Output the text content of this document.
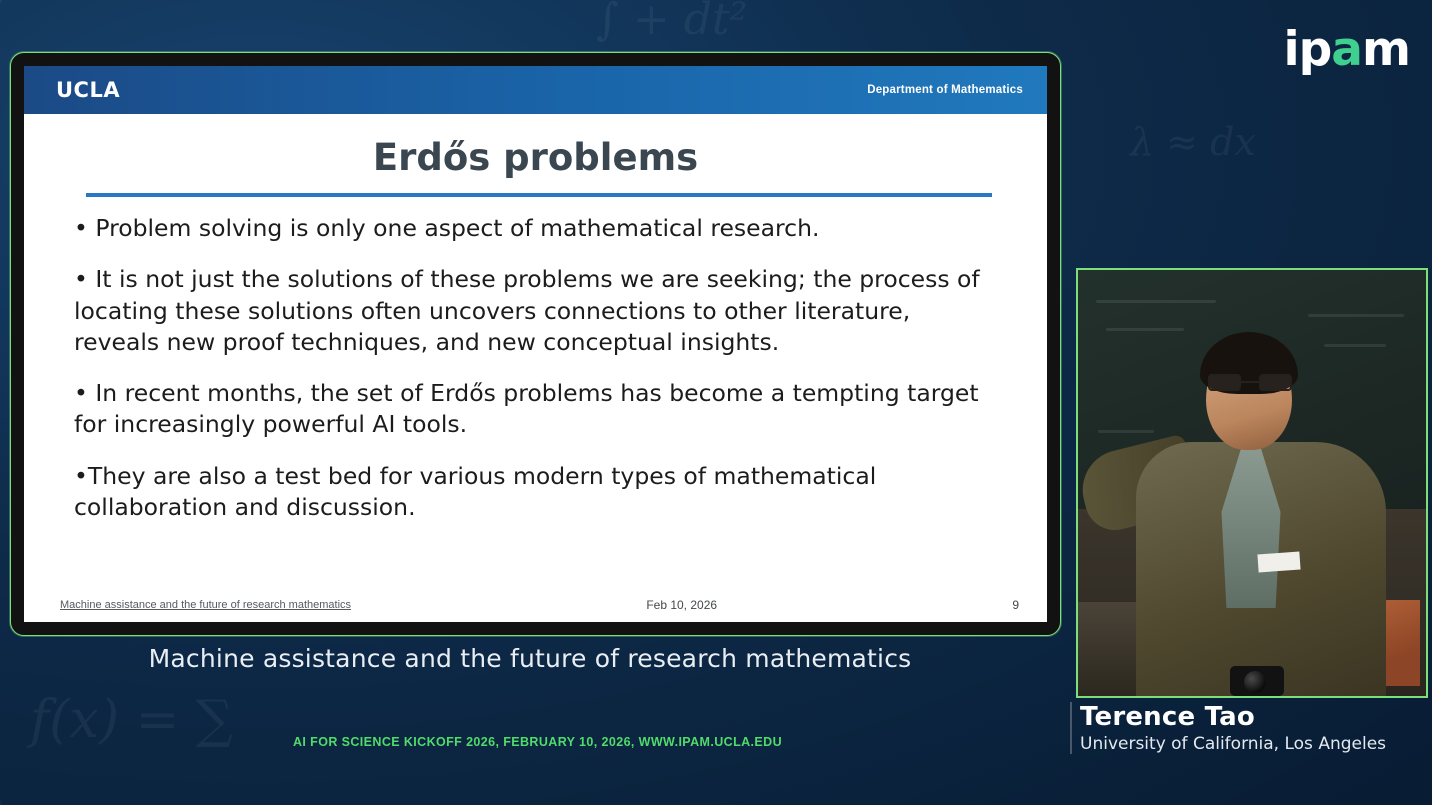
∫ + dt²
f(x) = ∑
λ ≈ dx
i p a m
UCLA	Department of Mathematics
Erdős problems

• Problem solving is only one aspect of mathematical research.

• It is not just the solutions of these problems we are seeking; the process of locating these solutions often uncovers connections to other literature, reveals new proof techniques, and new conceptual insights.

• In recent months, the set of Erdős problems has become a tempting target for increasingly powerful AI tools.

•They are also a test bed for various modern types of mathematical collaboration and discussion.

Machine assistance and the future of research mathematics	Feb 10, 2026	9
Machine assistance and the future of research mathematics
AI FOR SCIENCE KICKOFF 2026, FEBRUARY 10, 2026, WWW.IPAM.UCLA.EDU
Terence Tao
University of California, Los Angeles
